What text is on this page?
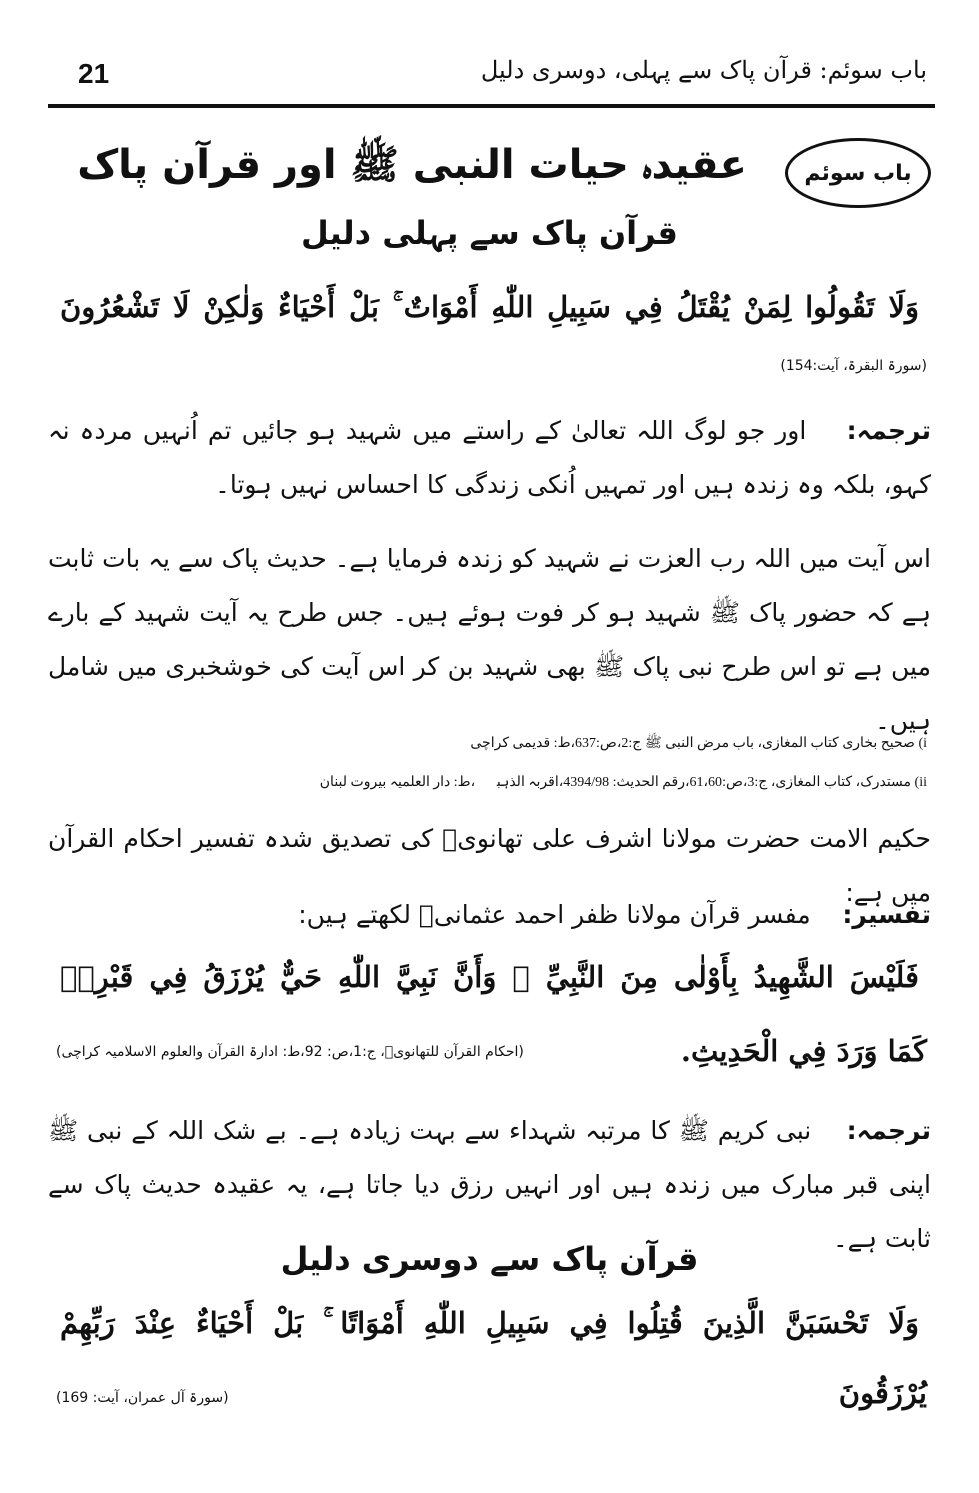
21	باب سوئم: قرآن پاک سے پہلی، دوسری دلیل
باب سوئم
عقیدہ حیات النبی ﷺ اور قرآن پاک
قرآن پاک سے پہلی دلیل
وَلَا تَقُولُوا لِمَنْ يُقْتَلُ فِي سَبِيلِ اللّٰهِ أَمْوَاتٌ ۚ بَلْ أَحْيَاءٌ وَلٰكِنْ لَا تَشْعُرُونَ
(سورۃ البقرۃ، آیت:154)
ترجمہ:    اور جو لوگ اللہ تعالیٰ کے راستے میں شہید ہو جائیں تم اُنہیں مردہ نہ کہو، بلکہ وہ زندہ ہیں اور تمہیں اُنکی زندگی کا احساس نہیں ہوتا۔
اس آیت میں اللہ رب العزت نے شہید کو زندہ فرمایا ہے۔ حدیث پاک سے یہ بات ثابت ہے کہ حضور پاک ﷺ شہید ہو کر فوت ہوئے ہیں۔ جس طرح یہ آیت شہید کے بارے میں ہے تو اس طرح نبی پاک ﷺ بھی شہید بن کر اس آیت کی خوشخبری میں شامل ہیں۔
i) صحیح بخاری کتاب المغازی، باب مرض النبی ﷺ ج:2،ص:637،ط: قدیمی کراچی
ii) مستدرک، کتاب المغازی، ج:3،ص:61،60،رقم الحدیث: 4394/98،اقربہ الذہبیؒ،ط: دار العلمیہ بیروت لبنان
حکیم الامت حضرت مولانا اشرف علی تھانویؒ کی تصدیق شدہ تفسیر احکام القرآن میں ہے:
تفسیر:    مفسر قرآن مولانا ظفر احمد عثمانیؒ لکھتے ہیں:
فَلَيْسَ الشَّهِيدُ بِأَوْلٰى مِنَ النَّبِيِّ ﷺ وَأَنَّ نَبِيَّ اللّٰهِ حَيٌّ يُرْزَقُ فِي قَبْرِهٖ
كَمَا وَرَدَ فِي الْحَدِيثِ.
(احکام القرآن للتھانویؒ، ج:1،ص: 92،ط: ادارۃ القرآن والعلوم الاسلامیہ کراچی)
ترجمہ:    نبی کریم ﷺ کا مرتبہ شہداء سے بہت زیادہ ہے۔ بے شک اللہ کے نبی ﷺ اپنی قبر مبارک میں زندہ ہیں اور انہیں رزق دیا جاتا ہے، یہ عقیدہ حدیث پاک سے ثابت ہے۔
قرآن پاک سے دوسری دلیل
وَلَا تَحْسَبَنَّ الَّذِينَ قُتِلُوا فِي سَبِيلِ اللّٰهِ أَمْوَاتًا ۚ بَلْ أَحْيَاءٌ عِنْدَ رَبِّهِمْ
يُرْزَقُونَ
(سورۃ آل عمران، آیت: 169)
